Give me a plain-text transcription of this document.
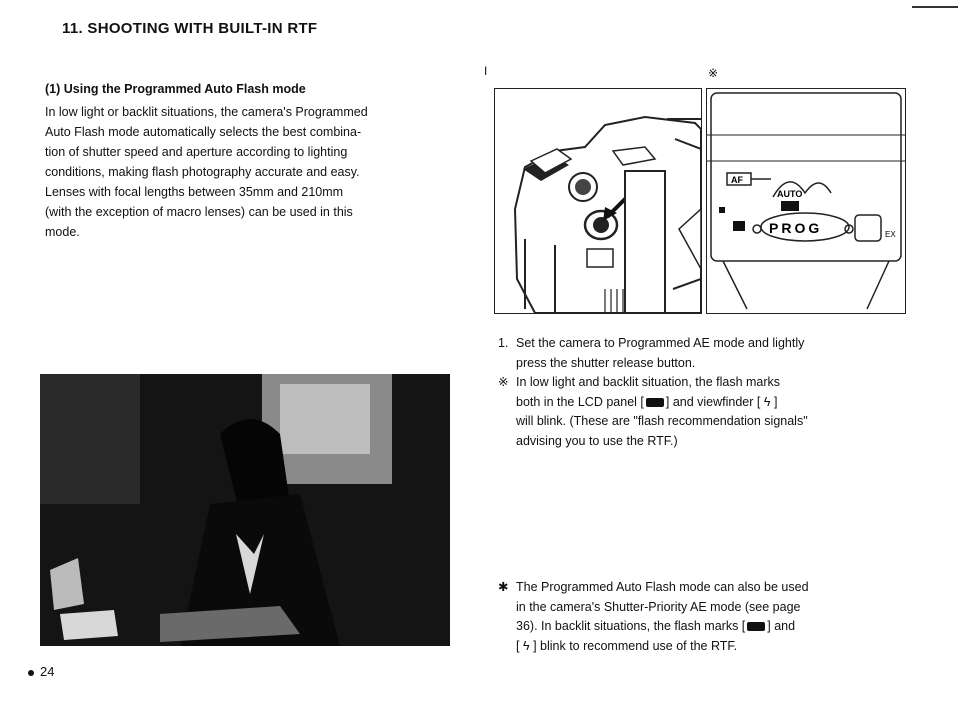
11. SHOOTING WITH BUILT-IN RTF
(1) Using the Programmed Auto Flash mode
In low light or backlit situations, the camera's Programmed
Auto Flash mode automatically selects the best combina-
tion of shutter speed and aperture according to lighting
conditions, making flash photography accurate and easy.
Lenses with focal lengths between 35mm and 210mm
(with the exception of macro lenses) can be used in this
mode.
I	※
AF
AUTO
PROG	EX
1. Set the camera to Programmed AE mode and lightly
press the shutter release button.
※ In low light and backlit situation, the flash marks
both in the LCD panel [ ] and viewfinder [ ϟ ]
will blink. (These are "flash recommendation signals"
advising you to use the RTF.)
✱ The Programmed Auto Flash mode can also be used
in the camera's Shutter-Priority AE mode (see page
36). In backlit situations, the flash marks [ ] and
[ ϟ ] blink to recommend use of the RTF.
24
